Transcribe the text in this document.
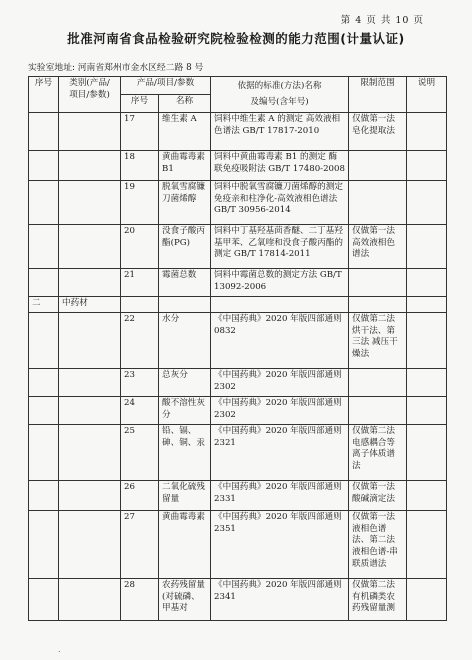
第 4 页 共 10 页
批准河南省食品检验研究院检验检测的能力范围(计量认证)
实验室地址: 河南省郑州市金水区经二路 8 号
序号	类别(产品/
项目/参数)	产品/项目/参数		依据的标准(方法)名称
及编号(含年号)	限制范围	说明
		序号	名称			
		17	维生素 A	饲料中维生素 A 的测定 高效液相色谱法 GB/T 17817-2010	仅做第一法皂化提取法	
		18	黄曲霉毒素B1	饲料中黄曲霉毒素 B1 的测定 酶联免疫吸附法 GB/T 17480-2008		
		19	脱氧雪腐镰刀菌烯醇	饲料中脱氧雪腐镰刀菌烯醇的测定 免疫亲和柱净化-高效液相色谱法 GB/T 30956-2014		
		20	没食子酸丙酯(PG)	饲料中丁基羟基茴香醚、二丁基羟基甲苯、乙氧喹和没食子酸丙酯的测定 GB/T 17814-2011	仅做第一法高效液相色谱法	
		21	霉菌总数	饲料中霉菌总数的测定方法 GB/T 13092-2006		
二	中药材					
		22	水分	《中国药典》2020 年版四部通则 0832	仅做第二法烘干法、第三法 减压干燥法	
		23	总灰分	《中国药典》2020 年版四部通则 2302		
		24	酸不溶性灰分	《中国药典》2020 年版四部通则 2302		
		25	铅、镉、砷、铜、汞	《中国药典》2020 年版四部通则 2321	仅做第二法电感耦合等离子体质谱法	
		26	二氧化硫残留量	《中国药典》2020 年版四部通则 2331	仅做第一法酸碱滴定法	
		27	黄曲霉毒素	《中国药典》2020 年版四部通则 2351	仅做第一法液相色谱法、第二法液相色谱-串联质谱法	
		28	农药残留量(对硫磷、甲基对	《中国药典》2020 年版四部通则 2341	仅做第二法有机磷类农药残留量测	
.
